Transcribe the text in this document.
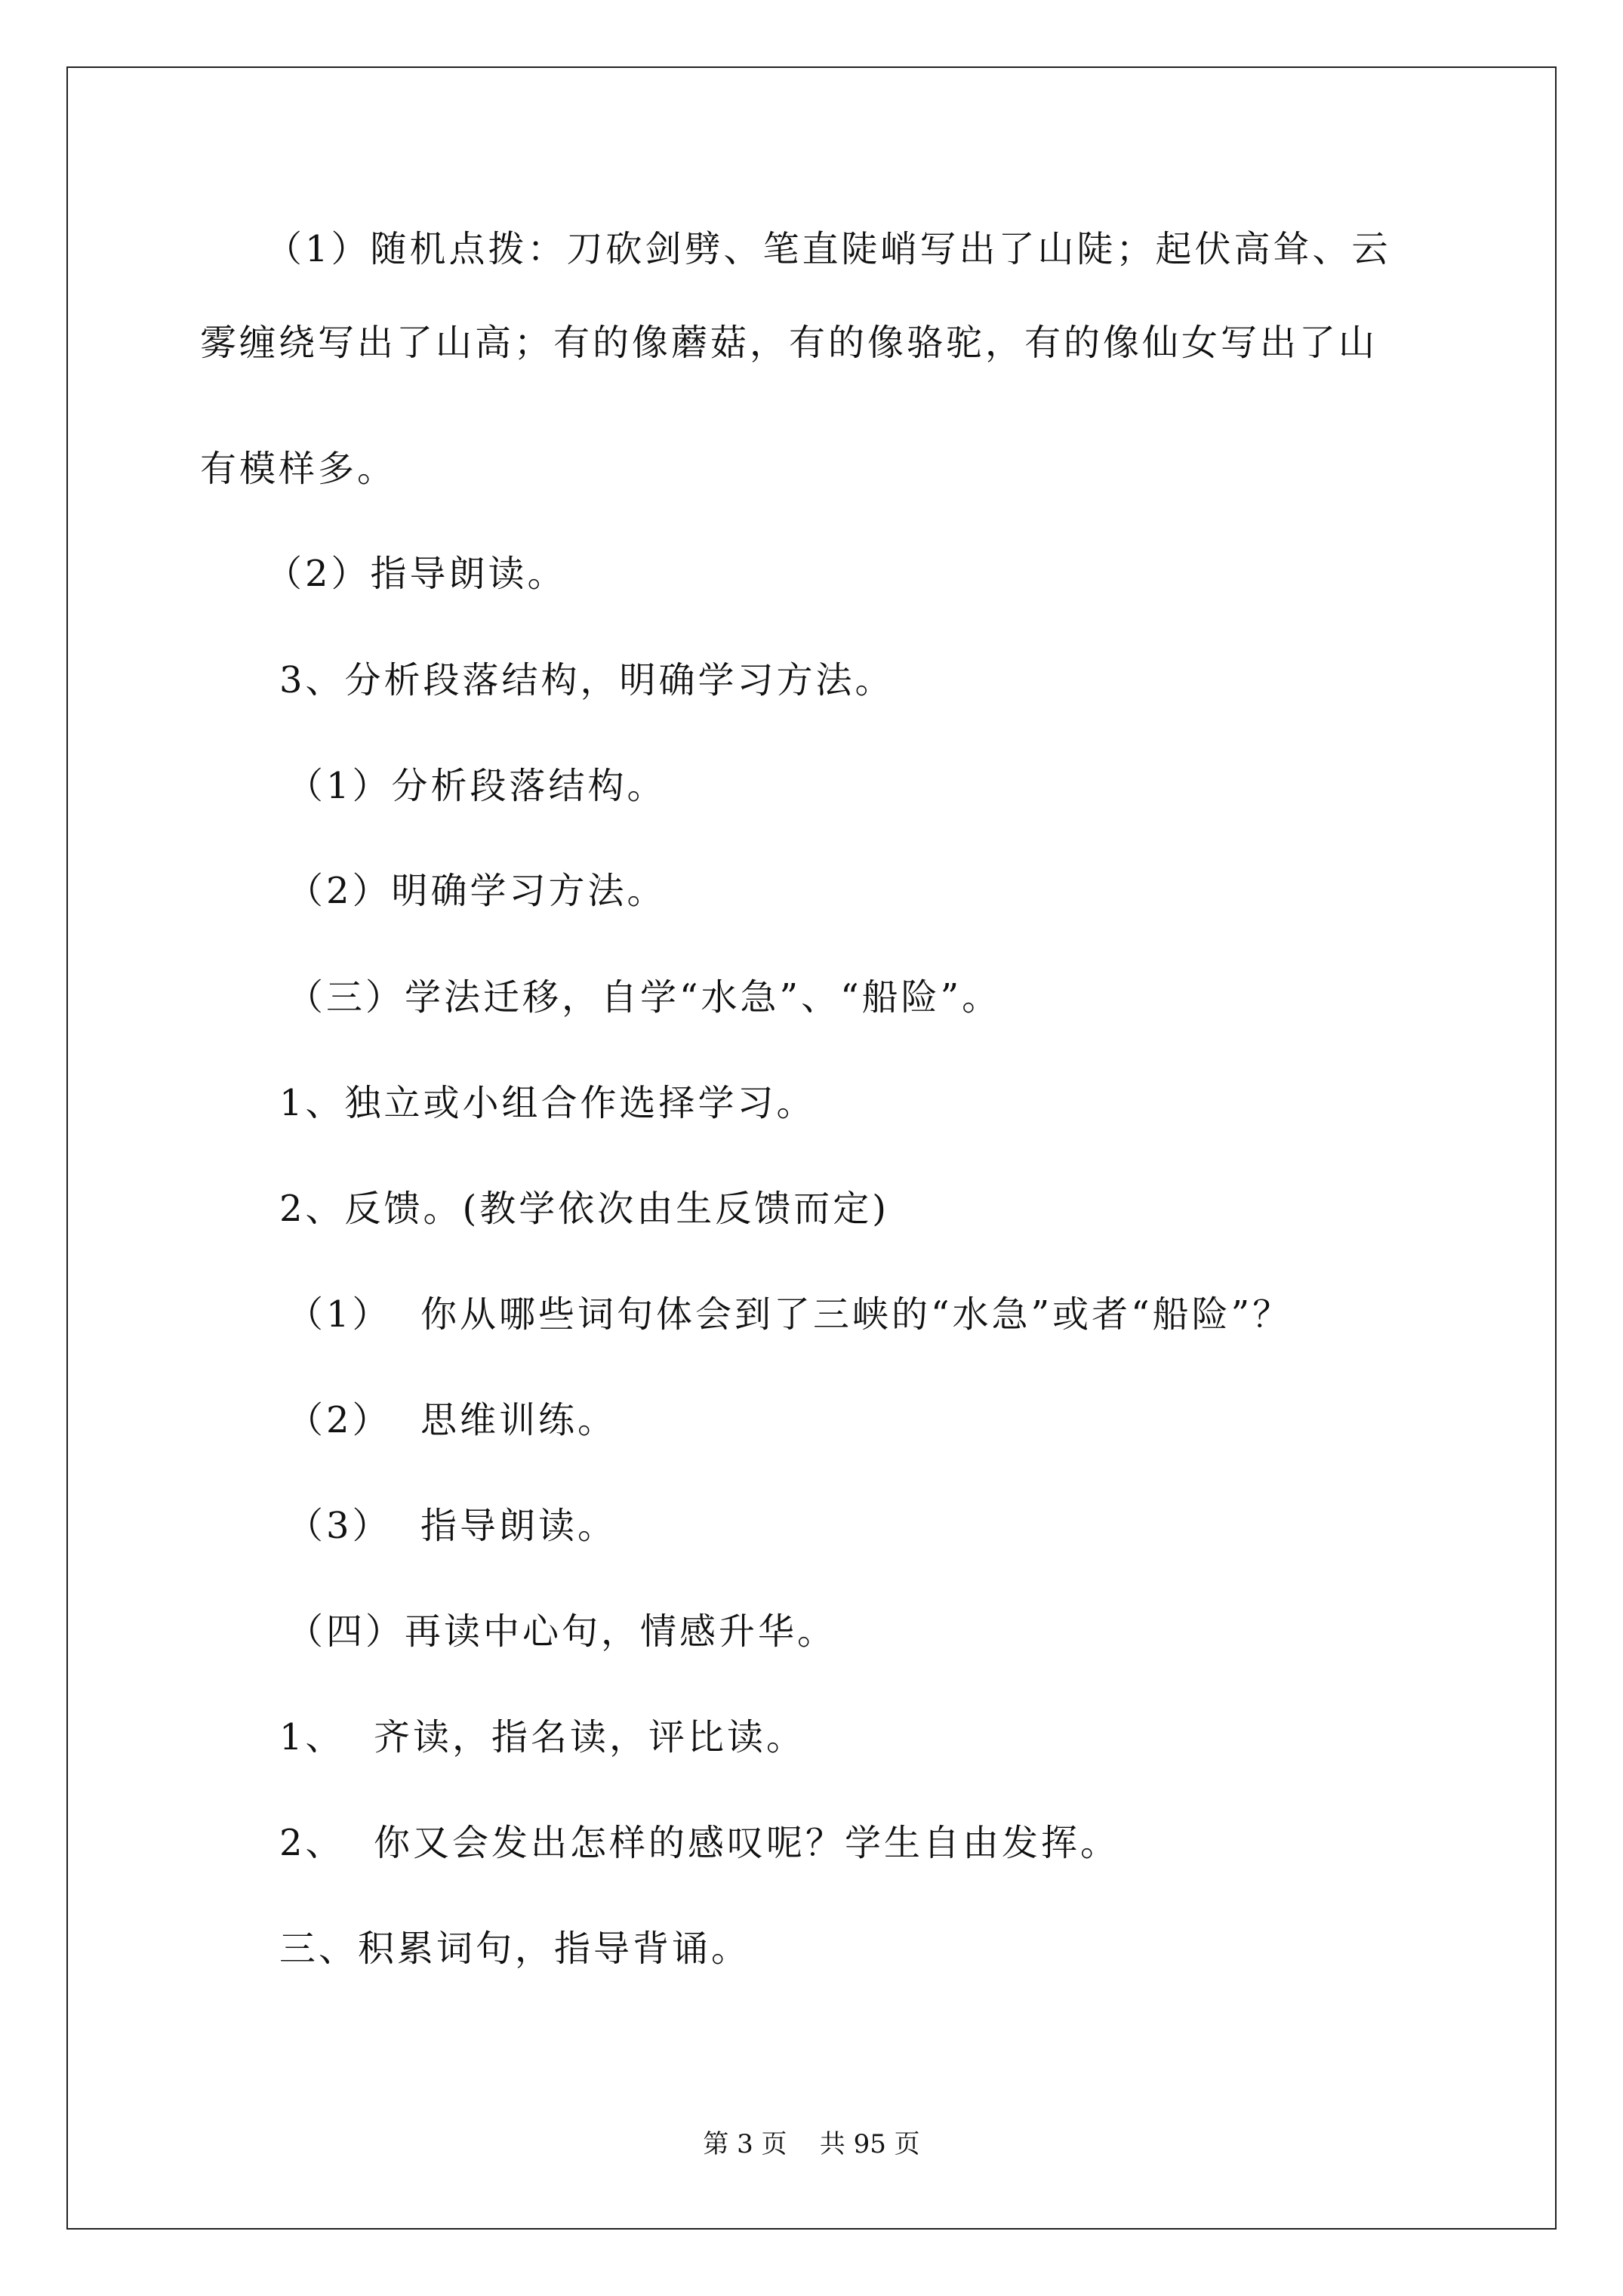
（1）随机点拨：刀砍剑劈、笔直陡峭写出了山陡；起伏高耸、云
雾缠绕写出了山高；有的像蘑菇，有的像骆驼，有的像仙女写出了山
有模样多。
（2）指导朗读。
3、分析段落结构，明确学习方法。
（1）分析段落结构。
（2）明确学习方法。
（三）学法迁移，自学“水急”、“船险”。
1、独立或小组合作选择学习。
2、反馈。(教学依次由生反馈而定)
（1）  你从哪些词句体会到了三峡的“水急”或者“船险”？
（2）  思维训练。
（3）  指导朗读。
（四）再读中心句，情感升华。
1、  齐读，指名读，评比读。
2、  你又会发出怎样的感叹呢？学生自由发挥。
三、积累词句，指导背诵。
第 3 页    共 95 页
